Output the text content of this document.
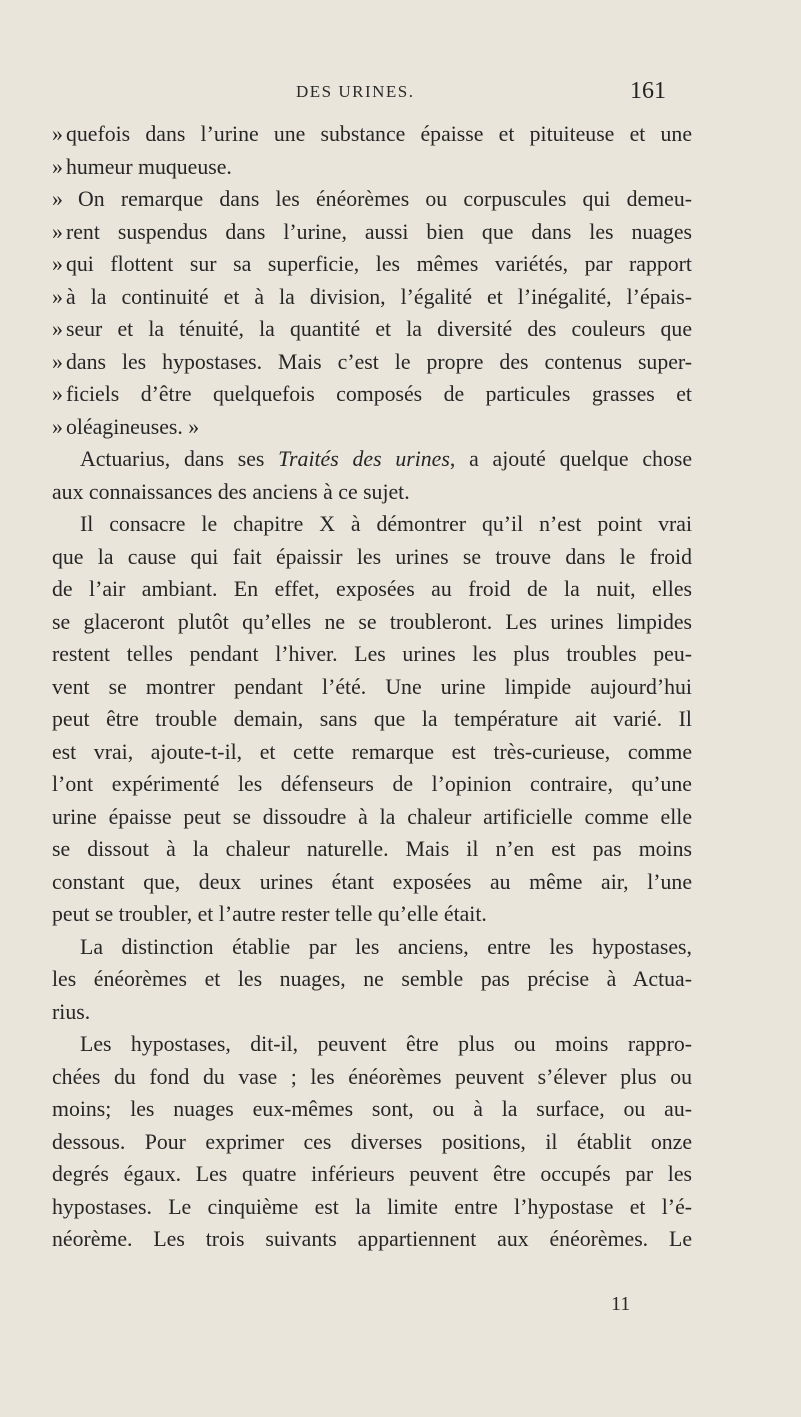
DES URINES.	161
» quefois dans l’urine une substance épaisse et pituiteuse et une
» humeur muqueuse.
» On remarque dans les énéorèmes ou corpuscules qui demeu-
» rent suspendus dans l’urine, aussi bien que dans les nuages
» qui flottent sur sa superficie, les mêmes variétés, par rapport
» à la continuité et à la division, l’égalité et l’inégalité, l’épais-
» seur et la ténuité, la quantité et la diversité des couleurs que
» dans les hypostases. Mais c’est le propre des contenus super-
» ficiels d’être quelquefois composés de particules grasses et
» oléagineuses. »
Actuarius, dans ses Traités des urines, a ajouté quelque chose
aux connaissances des anciens à ce sujet.
Il consacre le chapitre X à démontrer qu’il n’est point vrai
que la cause qui fait épaissir les urines se trouve dans le froid
de l’air ambiant. En effet, exposées au froid de la nuit, elles
se glaceront plutôt qu’elles ne se troubleront. Les urines limpides
restent telles pendant l’hiver. Les urines les plus troubles peu-
vent se montrer pendant l’été. Une urine limpide aujourd’hui
peut être trouble demain, sans que la température ait varié. Il
est vrai, ajoute-t-il, et cette remarque est très-curieuse, comme
l’ont expérimenté les défenseurs de l’opinion contraire, qu’une
urine épaisse peut se dissoudre à la chaleur artificielle comme elle
se dissout à la chaleur naturelle. Mais il n’en est pas moins
constant que, deux urines étant exposées au même air, l’une
peut se troubler, et l’autre rester telle qu’elle était.
La distinction établie par les anciens, entre les hypostases,
les énéorèmes et les nuages, ne semble pas précise à Actua-
rius.
Les hypostases, dit-il, peuvent être plus ou moins rappro-
chées du fond du vase ; les énéorèmes peuvent s’élever plus ou
moins; les nuages eux-mêmes sont, ou à la surface, ou au-
dessous. Pour exprimer ces diverses positions, il établit onze
degrés égaux. Les quatre inférieurs peuvent être occupés par les
hypostases. Le cinquième est la limite entre l’hypostase et l’é-
néorème. Les trois suivants appartiennent aux énéorèmes. Le
11
